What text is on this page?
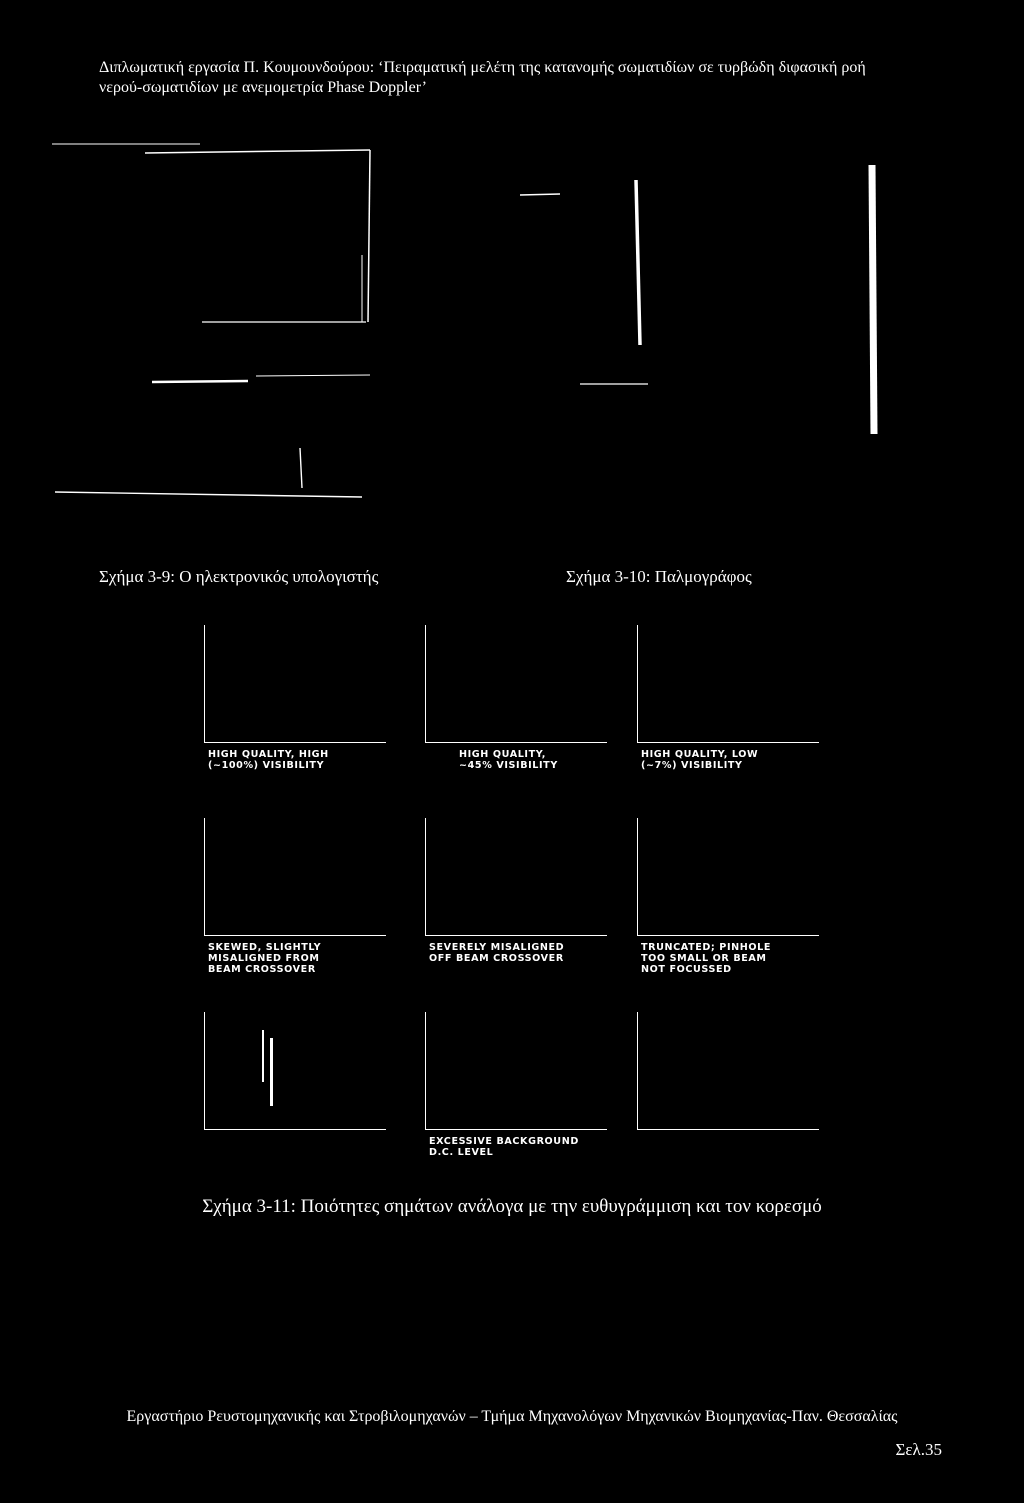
Διπλωματική εργασία Π. Κουμουνδούρου: ‘Πειραματική μελέτη της κατανομής σωματιδίων σε τυρβώδη διφασική ροή
νερού-σωματιδίων με ανεμομετρία Phase Doppler’
Σχήμα 3-9: Ο ηλεκτρονικός υπολογιστής	Σχήμα 3-10: Παλμογράφος
HIGH QUALITY, HIGH
(~100%) VISIBILITY
HIGH QUALITY,
~45% VISIBILITY
HIGH QUALITY, LOW
(~7%) VISIBILITY
SKEWED, SLIGHTLY
MISALIGNED FROM
BEAM CROSSOVER
SEVERELY MISALIGNED
OFF BEAM CROSSOVER
TRUNCATED; PINHOLE
TOO SMALL OR BEAM
NOT FOCUSSED
EXCESSIVE BACKGROUND
D.C. LEVEL
Σχήμα 3-11: Ποιότητες σημάτων ανάλογα με την ευθυγράμμιση και τον κορεσμό
Εργαστήριο Ρευστομηχανικής και Στροβιλομηχανών – Τμήμα Μηχανολόγων Μηχανικών Βιομηχανίας-Παν. Θεσσαλίας
Σελ.35
